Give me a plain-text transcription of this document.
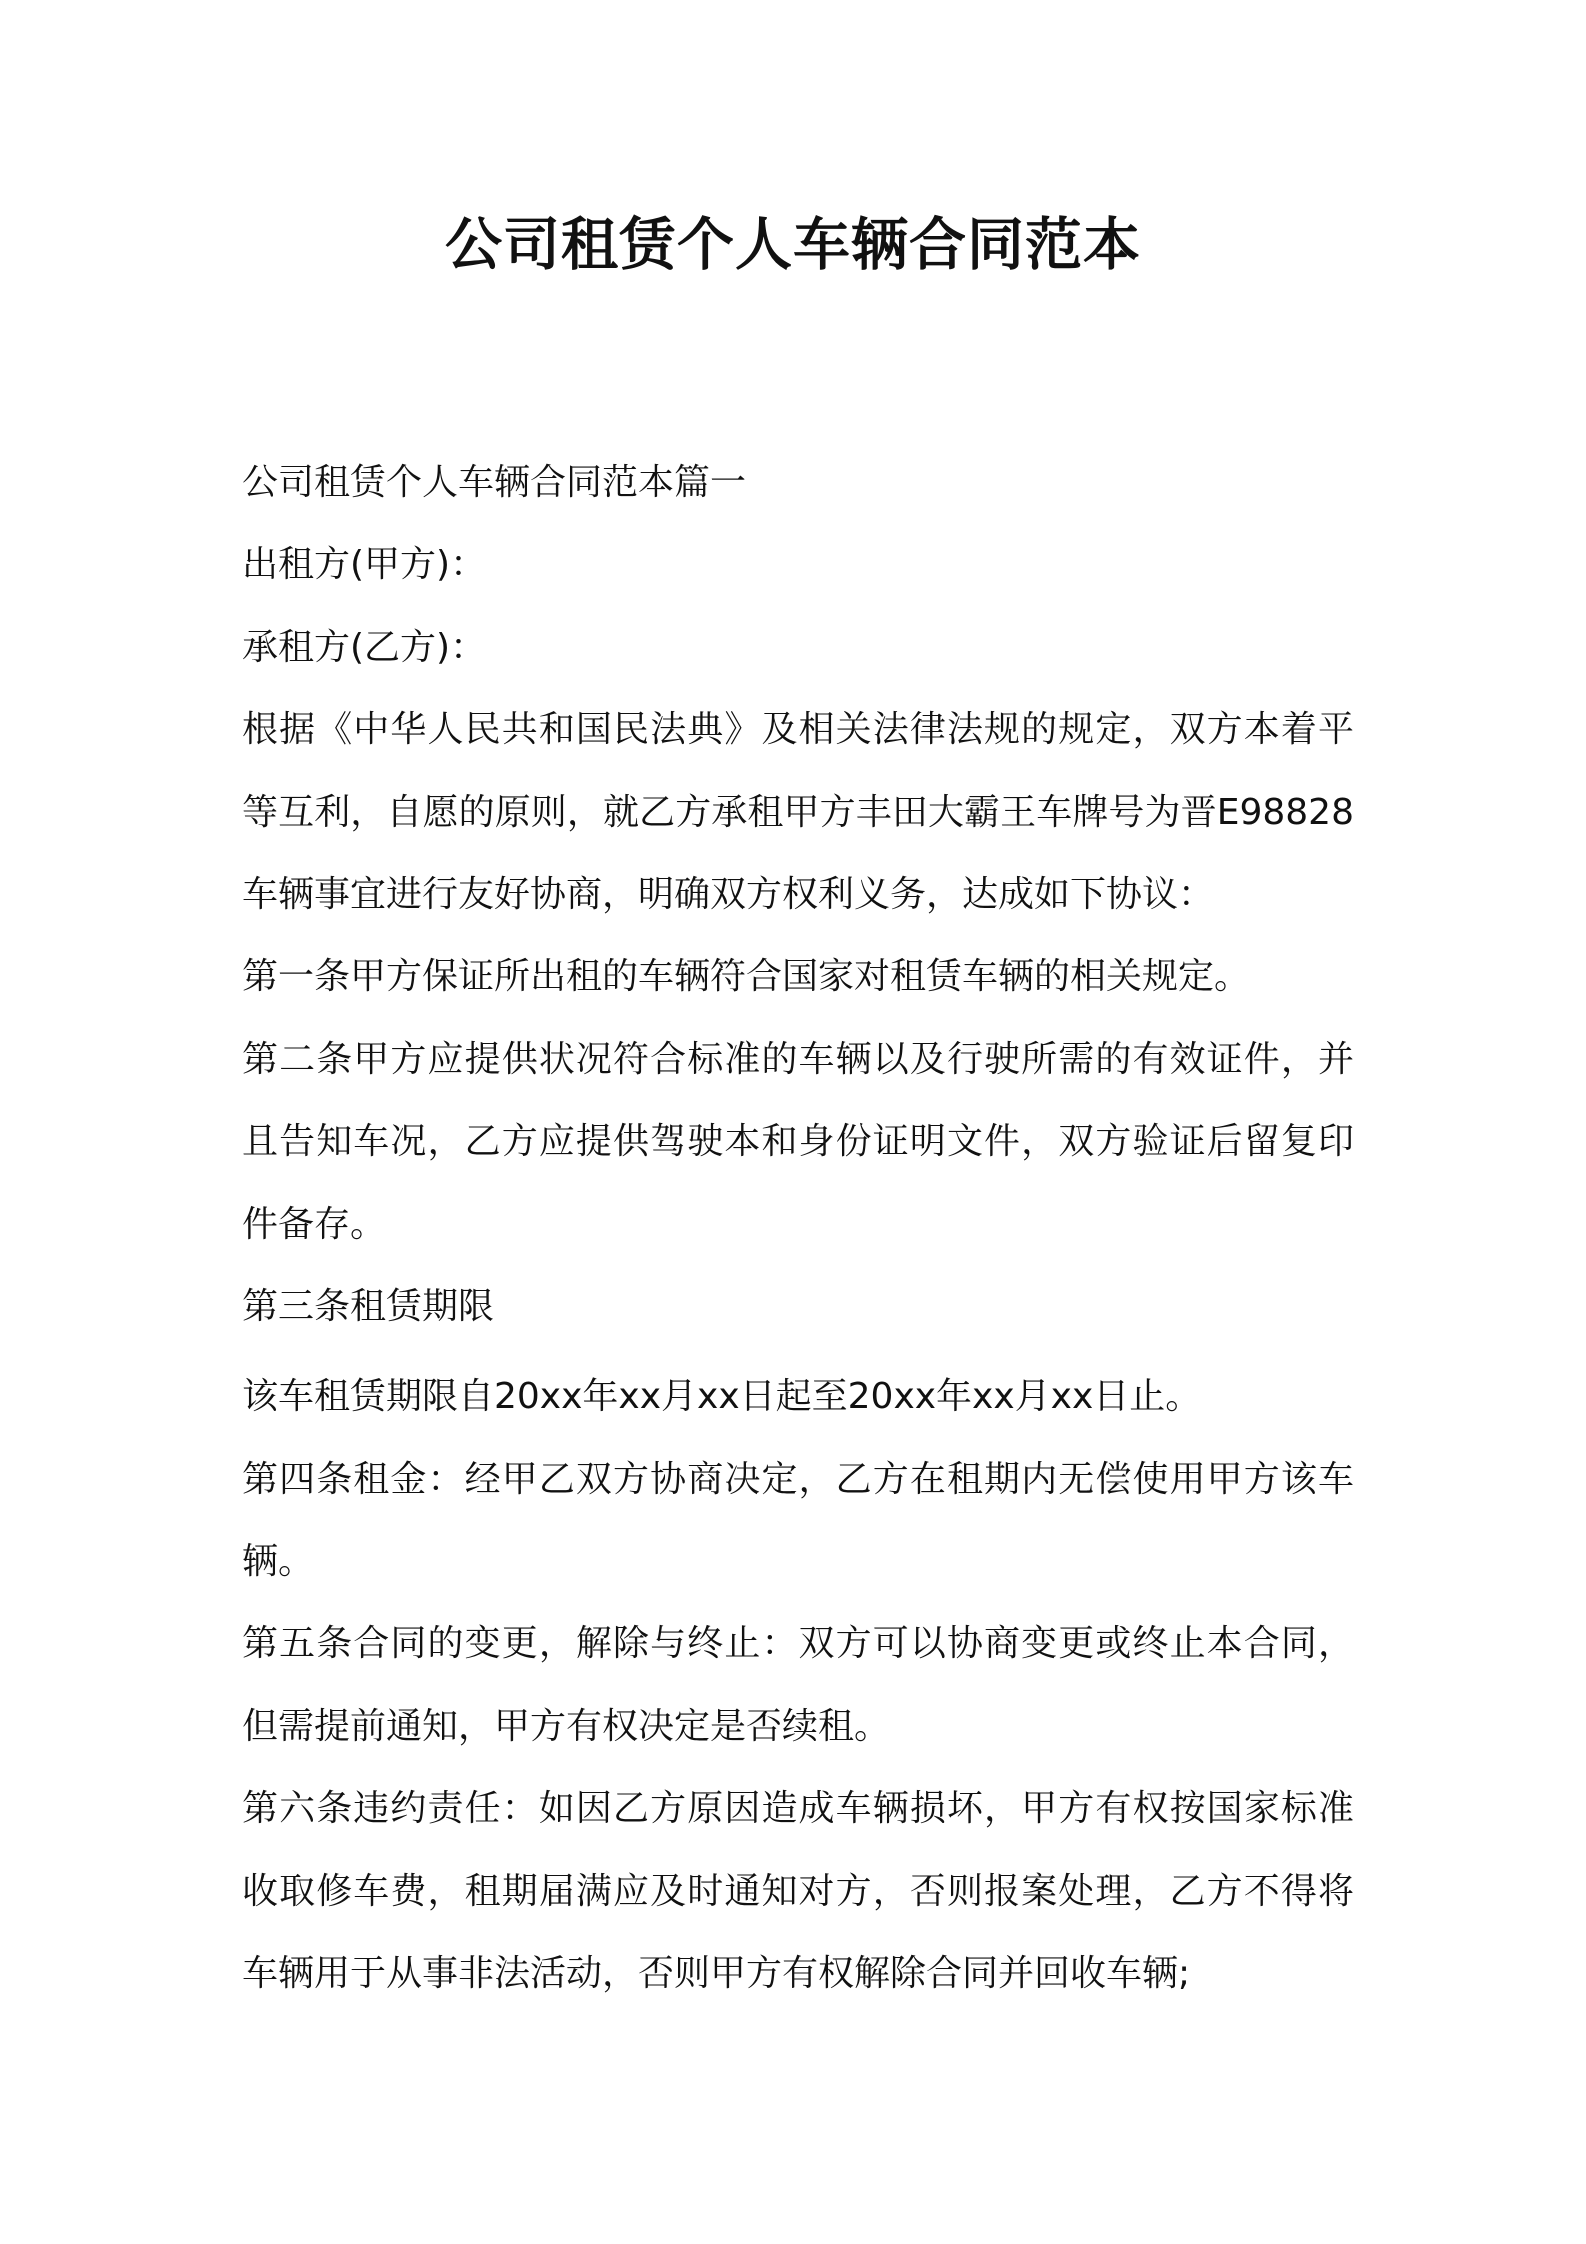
公司租赁个人车辆合同范本

公司租赁个人车辆合同范本篇一

出租方(甲方)：

承租方(乙方)：

根据《中华人民共和国民法典》及相关法律法规的规定，双方本着平

等互利，自愿的原则，就乙方承租甲方丰田大霸王车牌号为晋E98828

车辆事宜进行友好协商，明确双方权利义务，达成如下协议：

第一条甲方保证所出租的车辆符合国家对租赁车辆的相关规定。

第二条甲方应提供状况符合标准的车辆以及行驶所需的有效证件，并

且告知车况，乙方应提供驾驶本和身份证明文件，双方验证后留复印

件备存。

第三条租赁期限

该车租赁期限自20xx年xx月xx日起至20xx年xx月xx日止。

第四条租金：经甲乙双方协商决定，乙方在租期内无偿使用甲方该车

辆。

第五条合同的变更，解除与终止：双方可以协商变更或终止本合同，

但需提前通知，甲方有权决定是否续租。

第六条违约责任：如因乙方原因造成车辆损坏，甲方有权按国家标准

收取修车费，租期届满应及时通知对方，否则报案处理，乙方不得将

车辆用于从事非法活动，否则甲方有权解除合同并回收车辆;
